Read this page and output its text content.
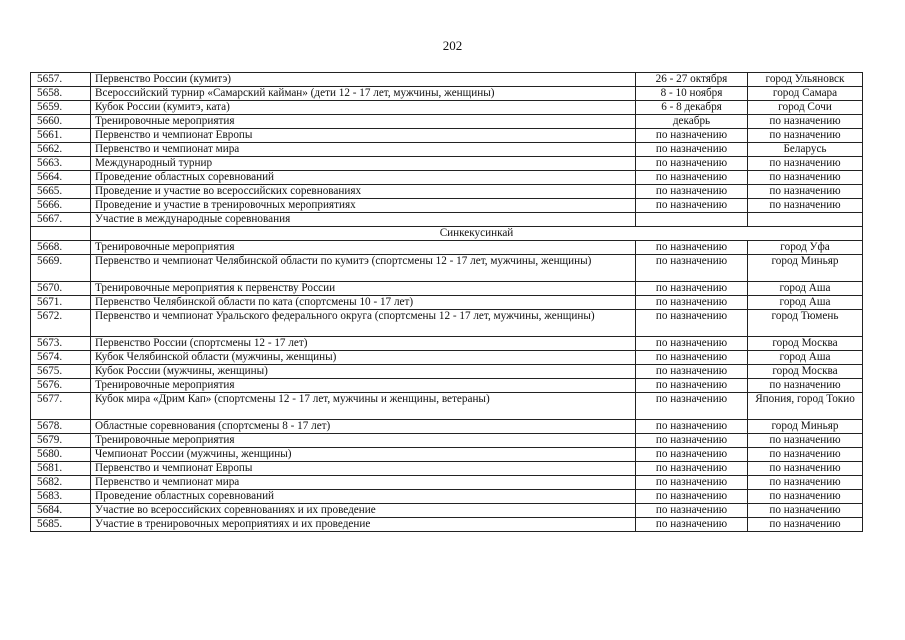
202
5657.	Первенство России (кумитэ)	26 - 27 октября	город Ульяновск
5658.	Всероссийский турнир «Самарский кайман» (дети 12 - 17 лет, мужчины, женщины)	8 - 10 ноября	город Самара
5659.	Кубок России (кумитэ, ката)	6 - 8 декабря	город Сочи
5660.	Тренировочные мероприятия	декабрь	по назначению
5661.	Первенство и чемпионат Европы	по назначению	по назначению
5662.	Первенство и чемпионат мира	по назначению	Беларусь
5663.	Международный турнир	по назначению	по назначению
5664.	Проведение областных соревнований	по назначению	по назначению
5665.	Проведение и участие во всероссийских соревнованиях	по назначению	по назначению
5666.	Проведение и участие в тренировочных мероприятиях	по назначению	по назначению
5667.	Участие в международные соревнования		
	Синкекусинкай		
5668.	Тренировочные мероприятия	по назначению	город Уфа
5669.	Первенство и чемпионат Челябинской области по кумитэ (спортсмены 12 - 17 лет, мужчины, женщины)	по назначению	город Миньяр
5670.	Тренировочные мероприятия к первенству России	по назначению	город Аша
5671.	Первенство Челябинской области по ката (спортсмены 10 - 17 лет)	по назначению	город Аша
5672.	Первенство и чемпионат Уральского федерального округа (спортсмены 12 - 17 лет, мужчины, женщины)	по назначению	город Тюмень
5673.	Первенство России (спортсмены 12 - 17 лет)	по назначению	город Москва
5674.	Кубок Челябинской области (мужчины, женщины)	по назначению	город Аша
5675.	Кубок России (мужчины, женщины)	по назначению	город Москва
5676.	Тренировочные мероприятия	по назначению	по назначению
5677.	Кубок мира «Дрим Кап» (спортсмены 12 - 17 лет, мужчины и женщины, ветераны)	по назначению	Япония, город Токио
5678.	Областные соревнования (спортсмены 8 - 17 лет)	по назначению	город Миньяр
5679.	Тренировочные мероприятия	по назначению	по назначению
5680.	Чемпионат России (мужчины, женщины)	по назначению	по назначению
5681.	Первенство и чемпионат Европы	по назначению	по назначению
5682.	Первенство и чемпионат мира	по назначению	по назначению
5683.	Проведение областных соревнований	по назначению	по назначению
5684.	Участие во всероссийских соревнованиях и их проведение	по назначению	по назначению
5685.	Участие в тренировочных мероприятиях и их проведение	по назначению	по назначению
